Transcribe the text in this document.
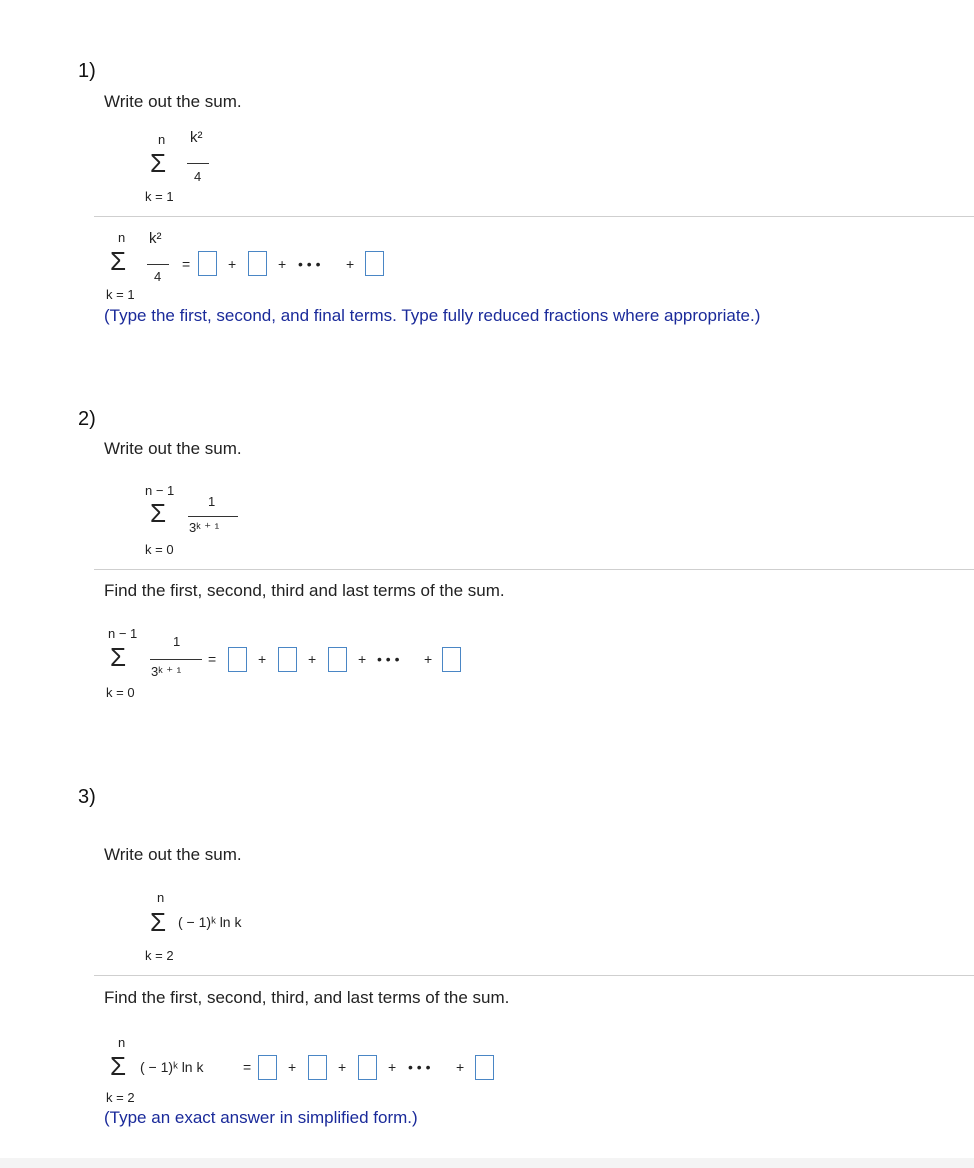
1)
Write out the sum.
n
Σ
k = 1
k²
4
n
Σ
k = 1
k²
4
=	+	+ • • • +
(Type the first, second, and final terms. Type fully reduced fractions where appropriate.)
2)
Write out the sum.
n − 1
Σ
k = 0
1
3ᵏ ⁺ ¹
Find the first, second, third and last terms of the sum.
n − 1
Σ
k = 0
1
3ᵏ ⁺ ¹
=	+	+	+ • • • +
3)
Write out the sum.
n
Σ
k = 2
( − 1)ᵏ ln k
Find the first, second, third, and last terms of the sum.
n
Σ
k = 2
( − 1)ᵏ ln k	=	+	+	+ • • • +
(Type an exact answer in simplified form.)
